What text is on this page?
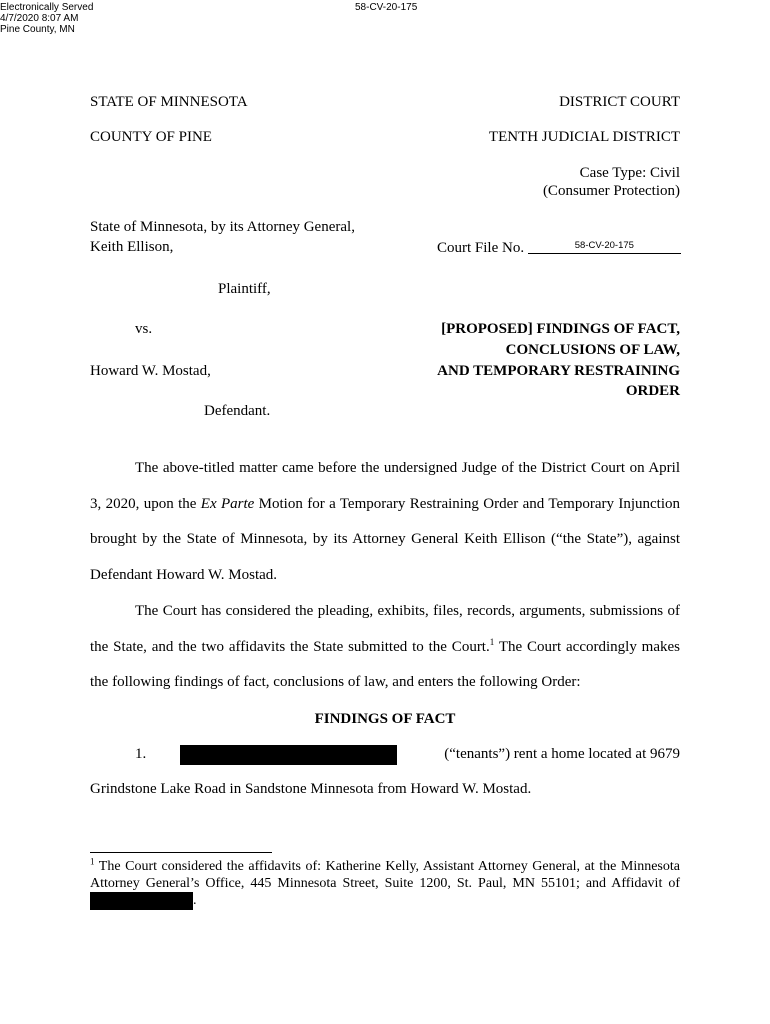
Electronically Served
4/7/2020 8:07 AM
Pine County, MN
58-CV-20-175
STATE OF MINNESOTA	DISTRICT COURT
COUNTY OF PINE	TENTH JUDICIAL DISTRICT
Case Type: Civil
(Consumer Protection)
State of Minnesota, by its Attorney General,
Keith Ellison,	Court File No.	58-CV-20-175
Plaintiff,
vs.	[PROPOSED] FINDINGS OF FACT,
CONCLUSIONS OF LAW,
AND TEMPORARY RESTRAINING
ORDER
Howard W. Mostad,
Defendant.
The above-titled matter came before the undersigned Judge of the District Court on April 3, 2020, upon the Ex Parte Motion for a Temporary Restraining Order and Temporary Injunction brought by the State of Minnesota, by its Attorney General Keith Ellison (“the State”), against Defendant Howard W. Mostad.
The Court has considered the pleading, exhibits, files, records, arguments, submissions of the State, and the two affidavits the State submitted to the Court.$^1$ The Court accordingly makes the following findings of fact, conclusions of law, and enters the following Order:
FINDINGS OF FACT
1.	(“tenants”) rent a home located at 9679
Grindstone Lake Road in Sandstone Minnesota from Howard W. Mostad.
$^1$ The Court considered the affidavits of: Katherine Kelly, Assistant Attorney General, at the Minnesota Attorney General’s Office, 445 Minnesota Street, Suite 1200, St. Paul, MN 55101; and Affidavit of.
